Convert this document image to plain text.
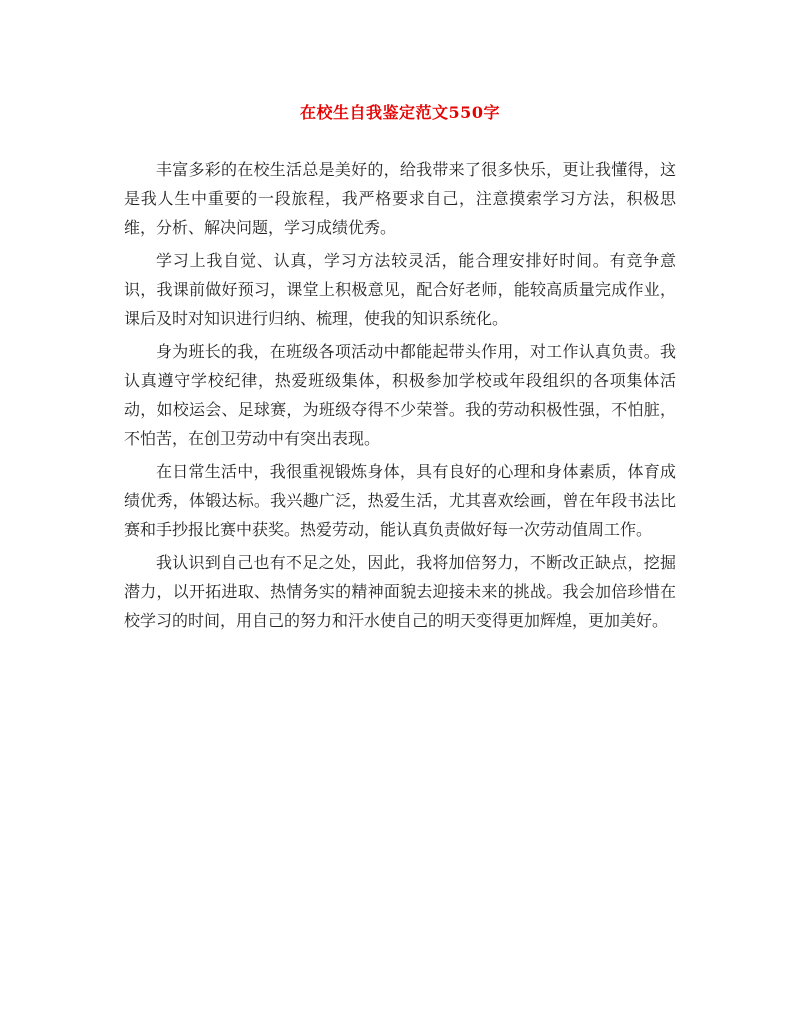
在校生自我鉴定范文550字

丰富多彩的在校生活总是美好的，给我带来了很多快乐，更让我懂得，这是我人生中重要的一段旅程，我严格要求自己，注意摸索学习方法，积极思维，分析、解决问题，学习成绩优秀。

学习上我自觉、认真，学习方法较灵活，能合理安排好时间。有竞争意识，我课前做好预习，课堂上积极意见，配合好老师，能较高质量完成作业，课后及时对知识进行归纳、梳理，使我的知识系统化。

身为班长的我，在班级各项活动中都能起带头作用，对工作认真负责。我认真遵守学校纪律，热爱班级集体，积极参加学校或年段组织的各项集体活动，如校运会、足球赛，为班级夺得不少荣誉。我的劳动积极性强，不怕脏，不怕苦，在创卫劳动中有突出表现。

在日常生活中，我很重视锻炼身体，具有良好的心理和身体素质，体育成绩优秀，体锻达标。我兴趣广泛，热爱生活，尤其喜欢绘画，曾在年段书法比赛和手抄报比赛中获奖。热爱劳动，能认真负责做好每一次劳动值周工作。

我认识到自己也有不足之处，因此，我将加倍努力，不断改正缺点，挖掘潜力，以开拓进取、热情务实的精神面貌去迎接未来的挑战。我会加倍珍惜在校学习的时间，用自己的努力和汗水使自己的明天变得更加辉煌，更加美好。
